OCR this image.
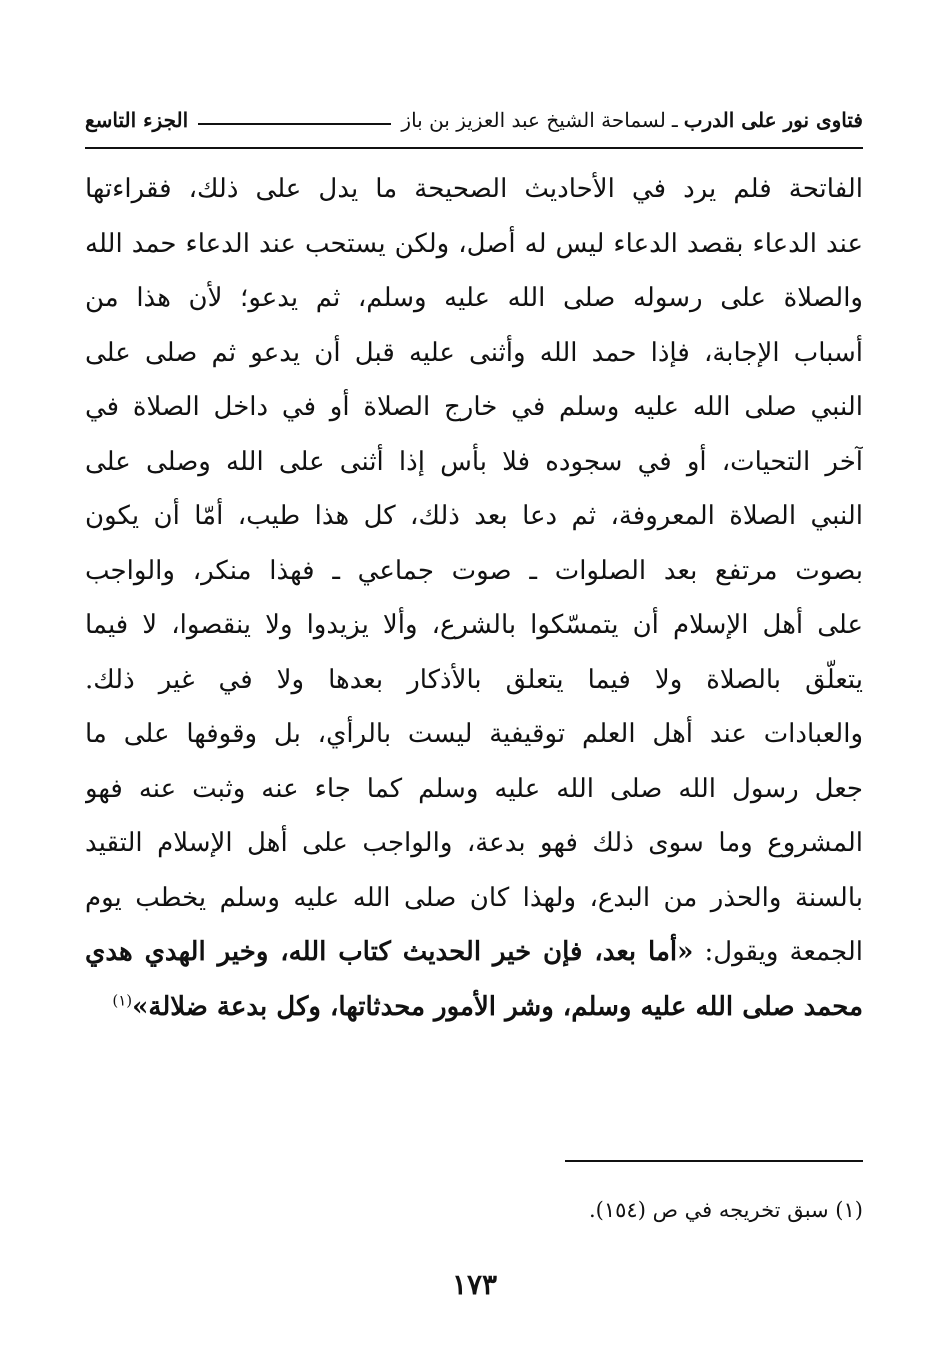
فتاوى نور على الدرب
ـ
لسماحة الشيخ عبد العزيز بن باز
الجزء التاسع
الفاتحة فلم يرد في الأحاديث الصحيحة ما يدل على ذلك، فقراءتها
عند الدعاء بقصد الدعاء ليس له أصل، ولكن يستحب عند الدعاء حمد الله
والصلاة على رسوله صلى الله عليه وسلم، ثم يدعو؛ لأن هذا من
أسباب الإجابة، فإذا حمد الله وأثنى عليه قبل أن يدعو ثم صلى على
النبي صلى الله عليه وسلم في خارج الصلاة أو في داخل الصلاة في
آخر التحيات، أو في سجوده فلا بأس إذا أثنى على الله وصلى على
النبي الصلاة المعروفة، ثم دعا بعد ذلك، كل هذا طيب، أمّا أن يكون
بصوت مرتفع بعد الصلوات ـ صوت جماعي ـ فهذا منكر، والواجب
على أهل الإسلام أن يتمسّكوا بالشرع، وألا يزيدوا ولا ينقصوا، لا فيما
يتعلّق بالصلاة ولا فيما يتعلق بالأذكار بعدها ولا في غير ذلك.
والعبادات عند أهل العلم توقيفية ليست بالرأي، بل وقوفها على ما
جعل رسول الله صلى الله عليه وسلم كما جاء عنه وثبت عنه فهو
المشروع وما سوى ذلك فهو بدعة، والواجب على أهل الإسلام التقيد
بالسنة والحذر من البدع، ولهذا كان صلى الله عليه وسلم يخطب يوم
الجمعة ويقول: «أما بعد، فإن خير الحديث كتاب الله، وخير الهدي هدي
محمد صلى الله عليه وسلم، وشر الأمور محدثاتها، وكل بدعة ضلالة»$^{(١)}$
(١) سبق تخريجه في ص (١٥٤).
١٧٣
